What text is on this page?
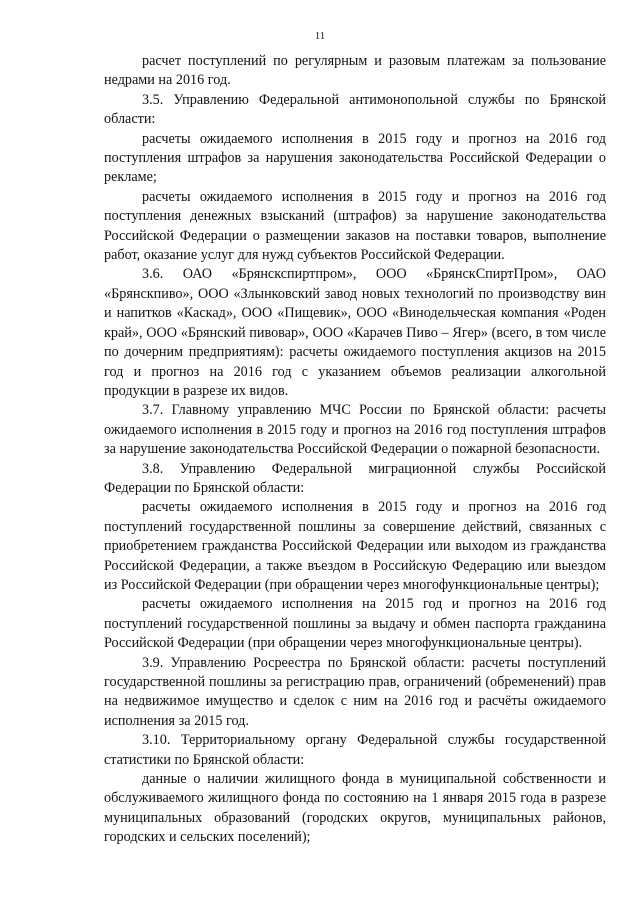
11

расчет поступлений по регулярным и разовым платежам за пользование недрами на 2016 год.

3.5. Управлению Федеральной антимонопольной службы по Брянской области:

расчеты ожидаемого исполнения в 2015 году и прогноз на 2016 год поступления штрафов за нарушения законодательства Российской Федерации о рекламе;

расчеты ожидаемого исполнения в 2015 году и прогноз на 2016 год поступления денежных взысканий (штрафов) за нарушение законодательства Российской Федерации о размещении заказов на поставки товаров, выполнение работ, оказание услуг для нужд субъектов Российской Федерации.

3.6. ОАО «Брянскспиртпром», ООО «БрянскСпиртПром», ОАО «Брянскпиво», ООО «Злынковский завод новых технологий по производству вин и напитков «Каскад», ООО «Пищевик», ООО «Винодельческая компания «Роден край», ООО «Брянский пивовар», ООО «Карачев Пиво – Ягер» (всего, в том числе по дочерним предприятиям): расчеты ожидаемого поступления акцизов на 2015 год и прогноз на 2016 год с указанием объемов реализации алкогольной продукции в разрезе их видов.

3.7. Главному управлению МЧС России по Брянской области: расчеты ожидаемого исполнения в 2015 году и прогноз на 2016 год поступления штрафов за нарушение законодательства Российской Федерации о пожарной безопасности.

3.8. Управлению Федеральной миграционной службы Российской Федерации по Брянской области:

расчеты ожидаемого исполнения в 2015 году и прогноз на 2016 год поступлений государственной пошлины за совершение действий, связанных с приобретением гражданства Российской Федерации или выходом из гражданства Российской Федерации, а также въездом в Российскую Федерацию или выездом из Российской Федерации (при обращении через многофункциональные центры);

расчеты ожидаемого исполнения на 2015 год и прогноз на 2016 год поступлений государственной пошлины за выдачу и обмен паспорта гражданина Российской Федерации (при обращении через многофункциональные центры).

3.9. Управлению Росреестра по Брянской области: расчеты поступлений государственной пошлины за регистрацию прав, ограничений (обременений) прав на недвижимое имущество и сделок с ним на 2016 год и расчёты ожидаемого исполнения за 2015 год.

3.10. Территориальному органу Федеральной службы государственной статистики по Брянской области:

данные о наличии жилищного фонда в муниципальной собственности и обслуживаемого жилищного фонда по состоянию на 1 января 2015 года в разрезе муниципальных образований (городских округов, муниципальных районов, городских и сельских поселений);
